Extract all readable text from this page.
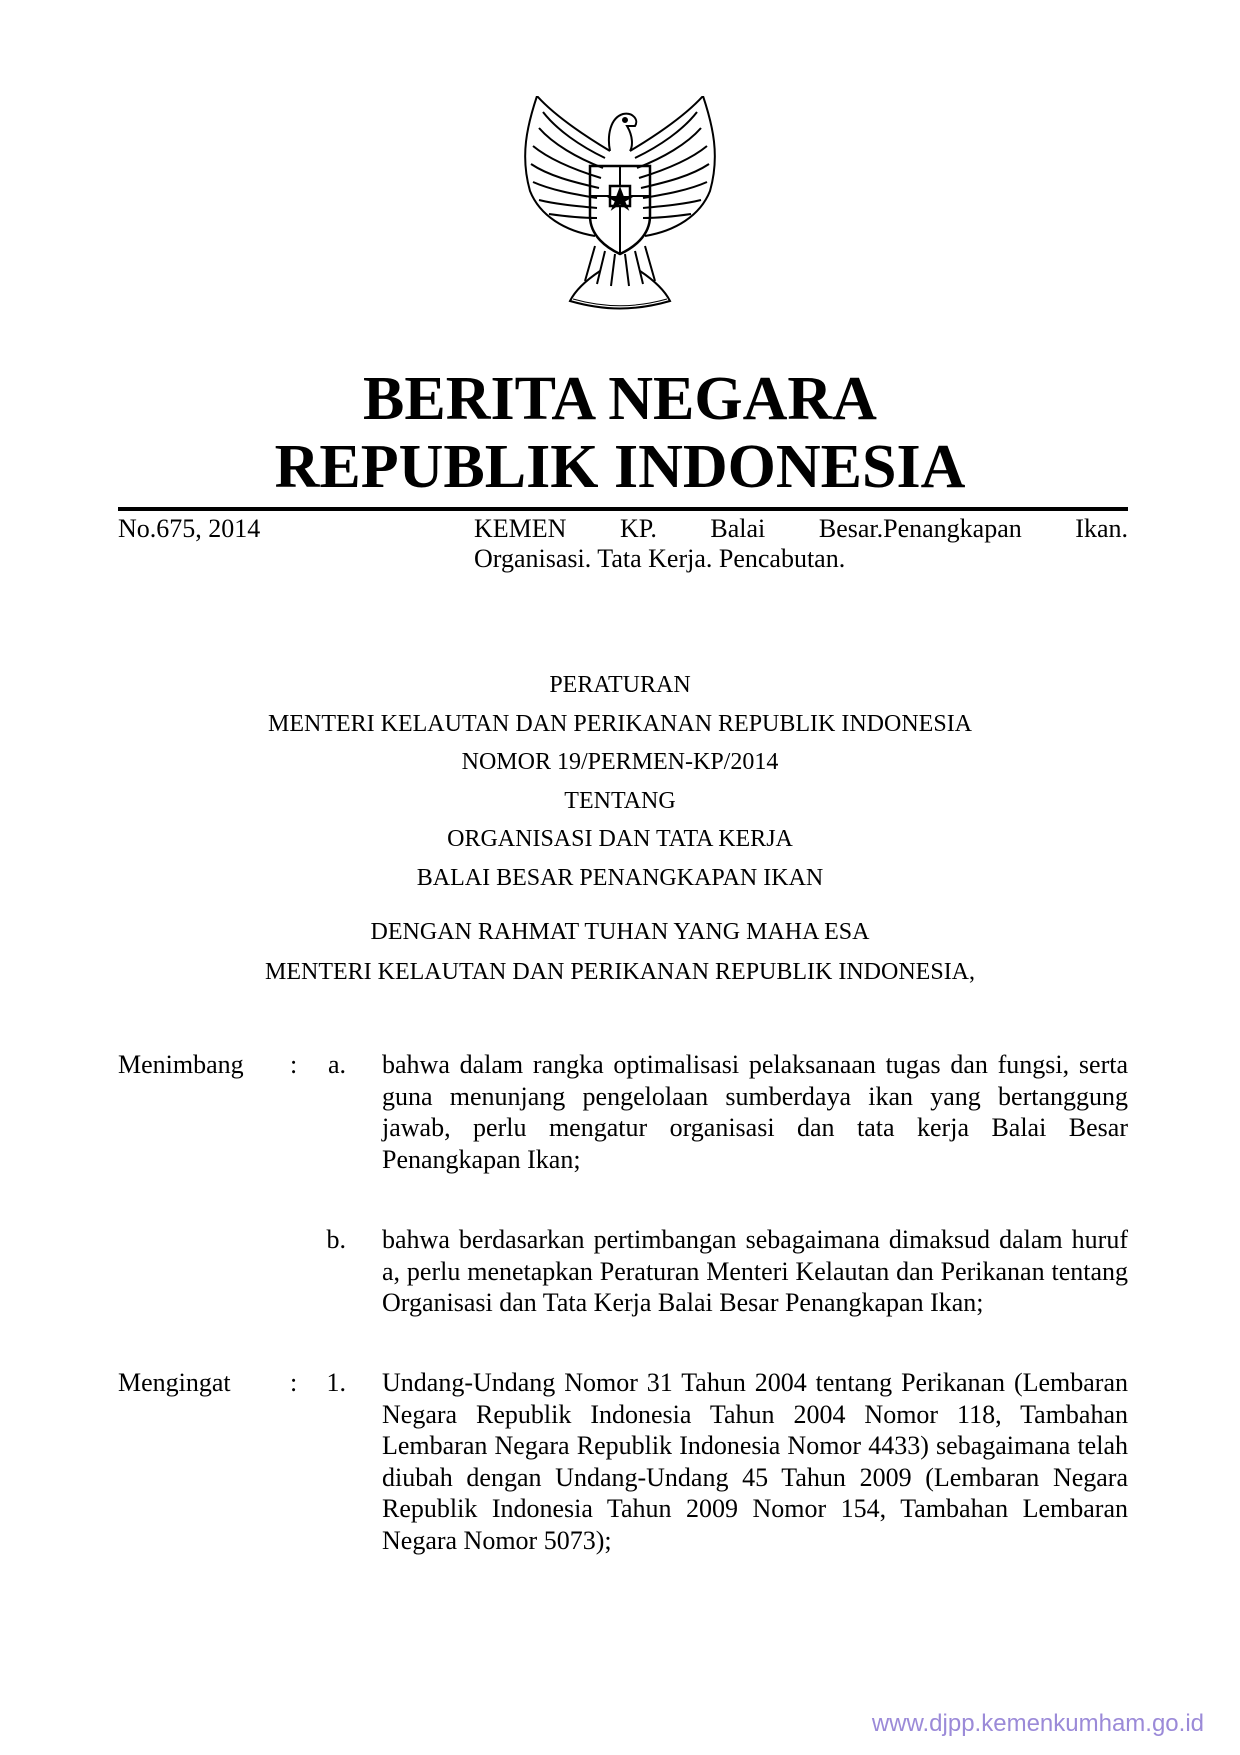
BERITA NEGARA
REPUBLIK INDONESIA
No.675, 2014	KEMEN KP. Balai Besar.Penangkapan Ikan.
Organisasi. Tata Kerja. Pencabutan.
PERATURAN
MENTERI KELAUTAN DAN PERIKANAN REPUBLIK INDONESIA
NOMOR 19/PERMEN-KP/2014
TENTANG
ORGANISASI DAN TATA KERJA
BALAI BESAR PENANGKAPAN IKAN
DENGAN RAHMAT TUHAN YANG MAHA ESA
MENTERI KELAUTAN DAN PERIKANAN REPUBLIK INDONESIA,
Menimbang :	a. bahwa dalam rangka optimalisasi pelaksanaan tugas dan fungsi, serta guna menunjang pengelolaan sumberdaya ikan yang bertanggung jawab, perlu mengatur organisasi dan tata kerja Balai Besar Penangkapan Ikan;
b. bahwa berdasarkan pertimbangan sebagaimana dimaksud dalam huruf a, perlu menetapkan Peraturan Menteri Kelautan dan Perikanan tentang Organisasi dan Tata Kerja Balai Besar Penangkapan Ikan;
Mengingat :	1. Undang-Undang Nomor 31 Tahun 2004 tentang Perikanan (Lembaran Negara Republik Indonesia Tahun 2004 Nomor 118, Tambahan Lembaran Negara Republik Indonesia Nomor 4433) sebagaimana telah diubah dengan Undang-Undang 45 Tahun 2009 (Lembaran Negara Republik Indonesia Tahun 2009 Nomor 154, Tambahan Lembaran Negara Nomor 5073);
www.djpp.kemenkumham.go.id
